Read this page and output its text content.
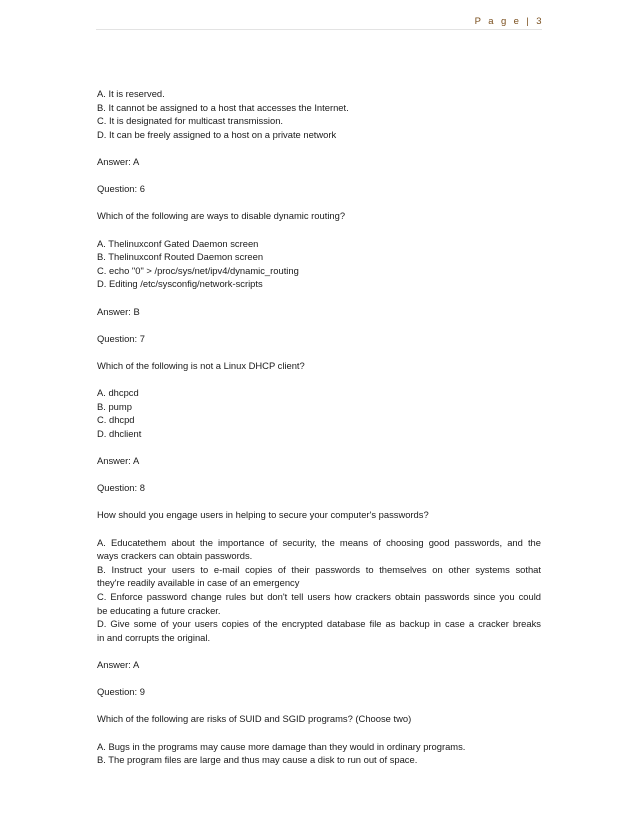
P a g e | 3
A. It is reserved.
B. It cannot be assigned to a host that accesses the Internet.
C. It is designated for multicast transmission.
D. It can be freely assigned to a host on a private network
Answer: A
Question: 6
Which of the following are ways to disable dynamic routing?
A. Thelinuxconf Gated Daemon screen
B. Thelinuxconf Routed Daemon screen
C. echo "0" > /proc/sys/net/ipv4/dynamic_routing
D. Editing /etc/sysconfig/network-scripts
Answer: B
Question: 7
Which of the following is not a Linux DHCP client?
A. dhcpcd
B. pump
C. dhcpd
D. dhclient
Answer: A
Question: 8
How should you engage users in helping to secure your computer's passwords?
A. Educatethem about the importance of security, the means of choosing good passwords, and the
ways crackers can obtain passwords.
B. Instruct your users to e-mail copies of their passwords to themselves on other systems sothat
they're readily available in case of an emergency
C. Enforce password change rules but don't tell users how crackers obtain passwords since you could
be educating a future cracker.
D. Give some of your users copies of the encrypted database file as backup in case a cracker breaks
in and corrupts the original.
Answer: A
Question: 9
Which of the following are risks of SUID and SGID programs? (Choose two)
A. Bugs in the programs may cause more damage than they would in ordinary programs.
B. The program files are large and thus may cause a disk to run out of space.
